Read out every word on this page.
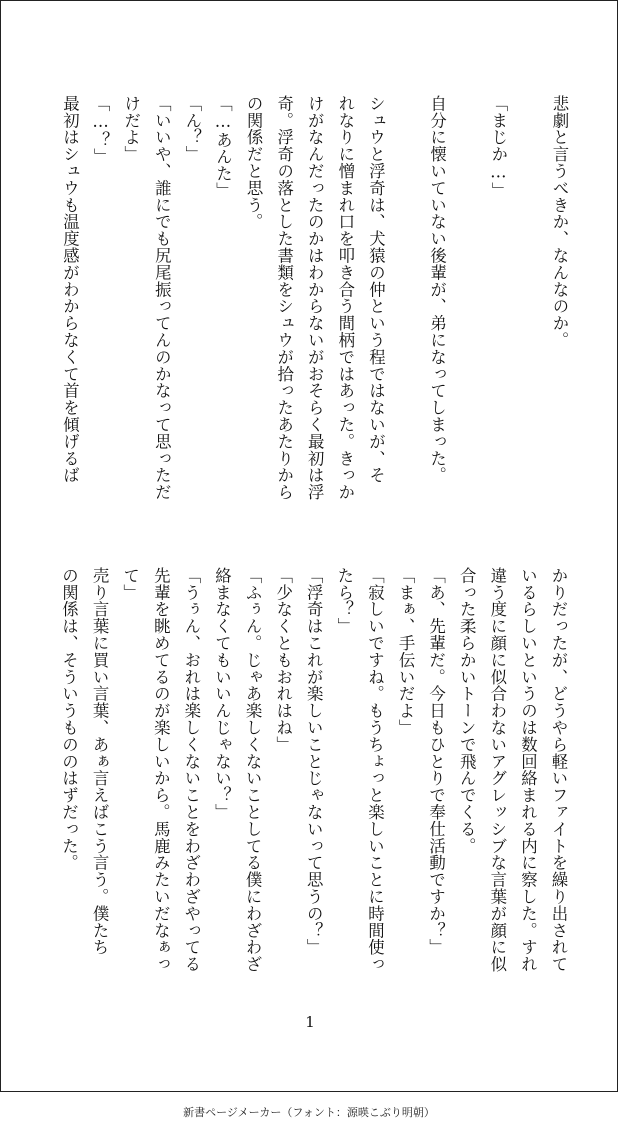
悲劇と言うべきか、なんなのか。

「まじか…」

自分に懐いていない後輩が、弟になってしまった。

シュウと浮奇は、犬猿の仲という程ではないが、そ
れなりに憎まれ口を叩き合う間柄ではあった。きっか
けがなんだったのかはわからないがおそらく最初は浮
奇。浮奇の落とした書類をシュウが拾ったあたりから
の関係だと思う。
「…あんた」
「ん？」
「いいや、誰にでも尻尾振ってんのかなって思っただ
けだよ」
「…？」
最初はシュウも温度感がわからなくて首を傾げるば
かりだったが、どうやら軽いファイトを繰り出されて
いるらしいというのは数回絡まれる内に察した。すれ
違う度に顔に似合わないアグレッシブな言葉が顔に似
合った柔らかいトーンで飛んでくる。
「あ、先輩だ。今日もひとりで奉仕活動ですか？」
「まぁ、手伝いだよ」
「寂しいですね。もうちょっと楽しいことに時間使っ
たら？」
「浮奇はこれが楽しいことじゃないって思うの？」
「少なくともおれはね」
「ふぅん。じゃあ楽しくないことしてる僕にわざわざ
絡まなくてもいいんじゃない？」
「うぅん、おれは楽しくないことをわざわざやってる
先輩を眺めてるのが楽しいから。馬鹿みたいだなぁっ
て」
売り言葉に買い言葉、あぁ言えばこう言う。僕たち
の関係は、そういうもののはずだった。
1
新書ページメーカー（フォント：源暎こぶり明朝）
